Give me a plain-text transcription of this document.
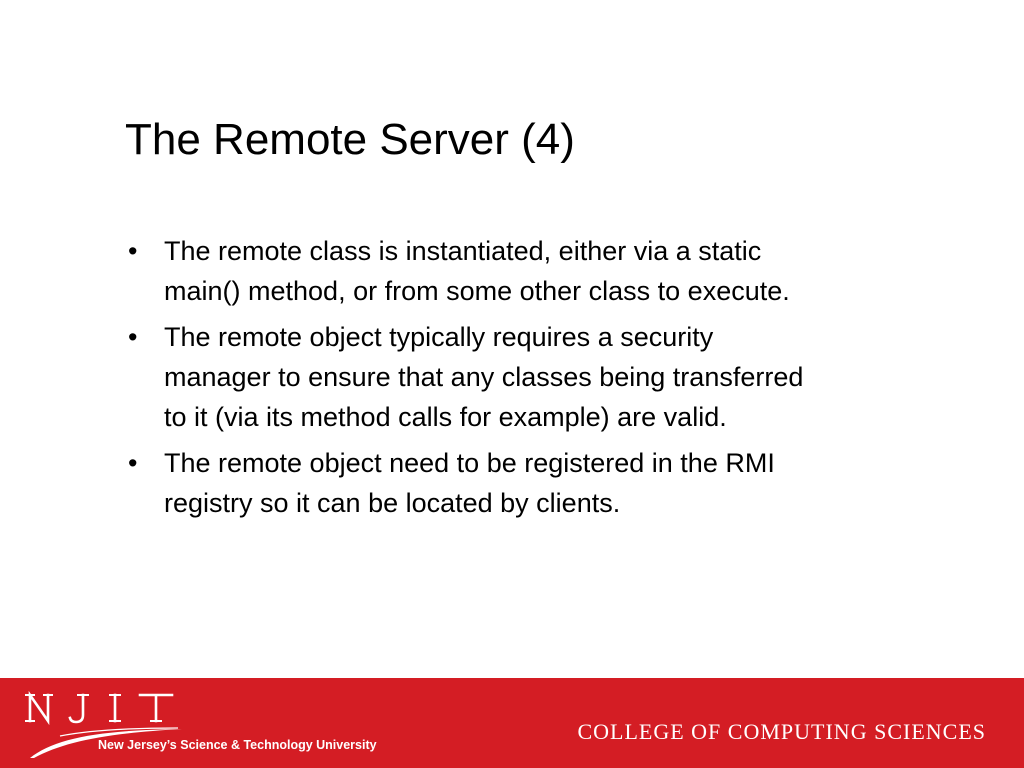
The Remote Server (4)
• The remote class is instantiated, either via a static
main() method, or from some other class to execute.
• The remote object typically requires a security
manager to ensure that any classes being transferred
to it (via its method calls for example) are valid.
• The remote object need to be registered in the RMI
registry so it can be located by clients.
New Jersey’s Science & Technology University
COLLEGE OF COMPUTING SCIENCES
